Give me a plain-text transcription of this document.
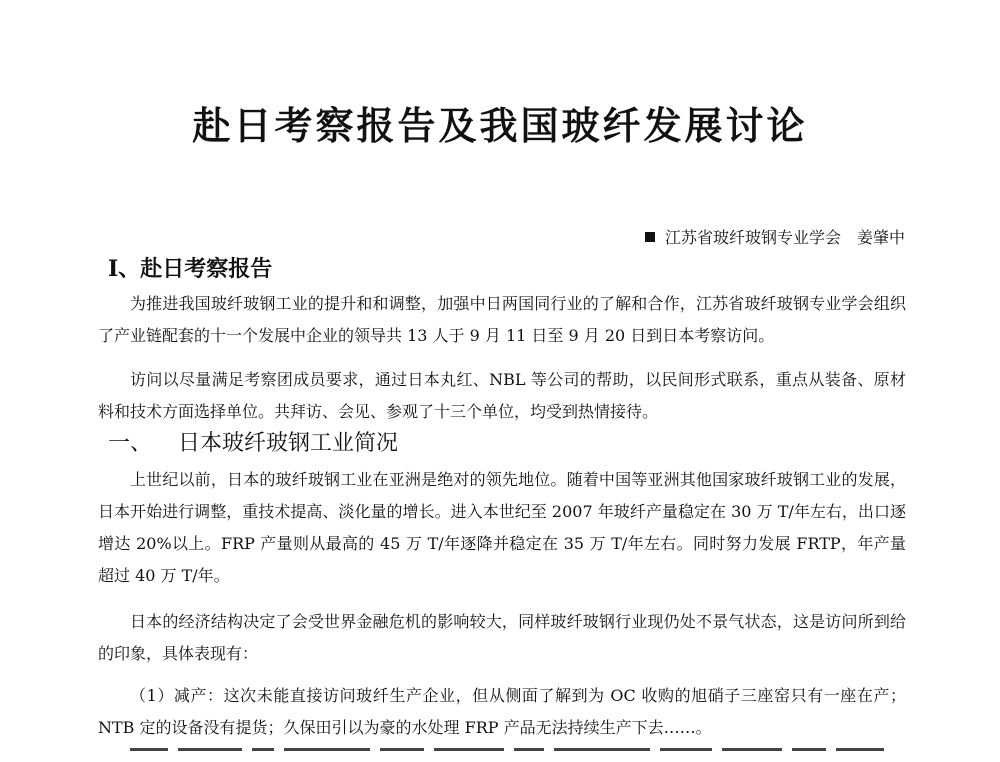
赴日考察报告及我国玻纤发展讨论
江苏省玻纤玻钢专业学会 姜肇中
I、赴日考察报告

为推进我国玻纤玻钢工业的提升和和调整，加强中日两国同行业的了解和合作，江苏省玻纤玻钢专业学会组织了产业链配套的十一个发展中企业的领导共 13 人于 9 月 11 日至 9 月 20 日到日本考察访问。

访问以尽量满足考察团成员要求，通过日本丸红、NBL 等公司的帮助，以民间形式联系，重点从装备、原材料和技术方面选择单位。共拜访、会见、参观了十三个单位，均受到热情接待。

一、 日本玻纤玻钢工业简况

上世纪以前，日本的玻纤玻钢工业在亚洲是绝对的领先地位。随着中国等亚洲其他国家玻纤玻钢工业的发展，日本开始进行调整，重技术提高、淡化量的增长。进入本世纪至 2007 年玻纤产量稳定在 30 万 T/年左右，出口逐增达 20%以上。FRP 产量则从最高的 45 万 T/年逐降并稳定在 35 万 T/年左右。同时努力发展 FRTP，年产量超过 40 万 T/年。

日本的经济结构决定了会受世界金融危机的影响较大，同样玻纤玻钢行业现仍处不景气状态，这是访问所到给的印象，具体表现有：

（1）减产：这次未能直接访问玻纤生产企业，但从侧面了解到为 OC 收购的旭硝子三座窑只有一座在产；NTB 定的设备没有提货；久保田引以为豪的水处理 FRP 产品无法持续生产下去……。
